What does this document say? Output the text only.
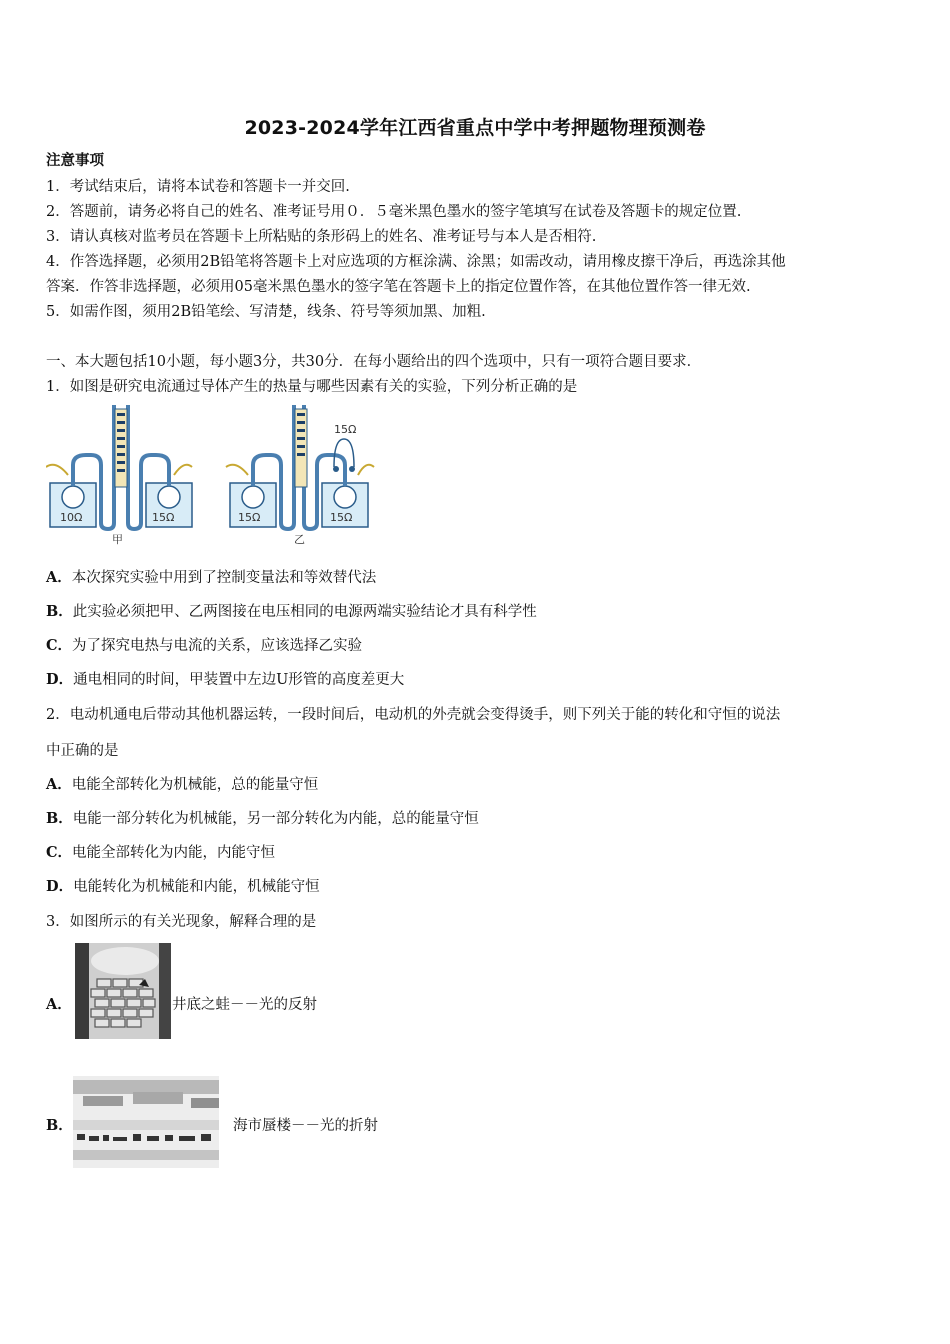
2023-2024学年江西省重点中学中考押题物理预测卷
注意事项
1．考试结束后，请将本试卷和答题卡一并交回.
2．答题前，请务必将自己的姓名、准考证号用０．５毫米黑色墨水的签字笔填写在试卷及答题卡的规定位置.
3．请认真核对监考员在答题卡上所粘贴的条形码上的姓名、准考证号与本人是否相符.
4．作答选择题，必须用2B铅笔将答题卡上对应选项的方框涂满、涂黑；如需改动，请用橡皮擦干净后，再选涂其他
答案．作答非选择题，必须用05毫米黑色墨水的签字笔在答题卡上的指定位置作答，在其他位置作答一律无效.
5．如需作图，须用2B铅笔绘、写清楚，线条、符号等须加黑、加粗.
一、本大题包括10小题，每小题3分，共30分．在每小题给出的四个选项中，只有一项符合题目要求．
1．如图是研究电流通过导体产生的热量与哪些因素有关的实验，下列分析正确的是
10Ω	15Ω
甲
15Ω
15Ω	15Ω
乙
A．本次探究实验中用到了控制变量法和等效替代法
B．此实验必须把甲、乙两图接在电压相同的电源两端实验结论才具有科学性
C．为了探究电热与电流的关系，应该选择乙实验
D．通电相同的时间，甲装置中左边U形管的高度差更大
2．电动机通电后带动其他机器运转，一段时间后，电动机的外壳就会变得烫手，则下列关于能的转化和守恒的说法
中正确的是
A．电能全部转化为机械能，总的能量守恒
B．电能一部分转化为机械能，另一部分转化为内能，总的能量守恒
C．电能全部转化为内能，内能守恒
D．电能转化为机械能和内能，机械能守恒
3．如图所示的有关光现象，解释合理的是
A．	井底之蛙－－光的反射
B．	海市蜃楼－－光的折射
